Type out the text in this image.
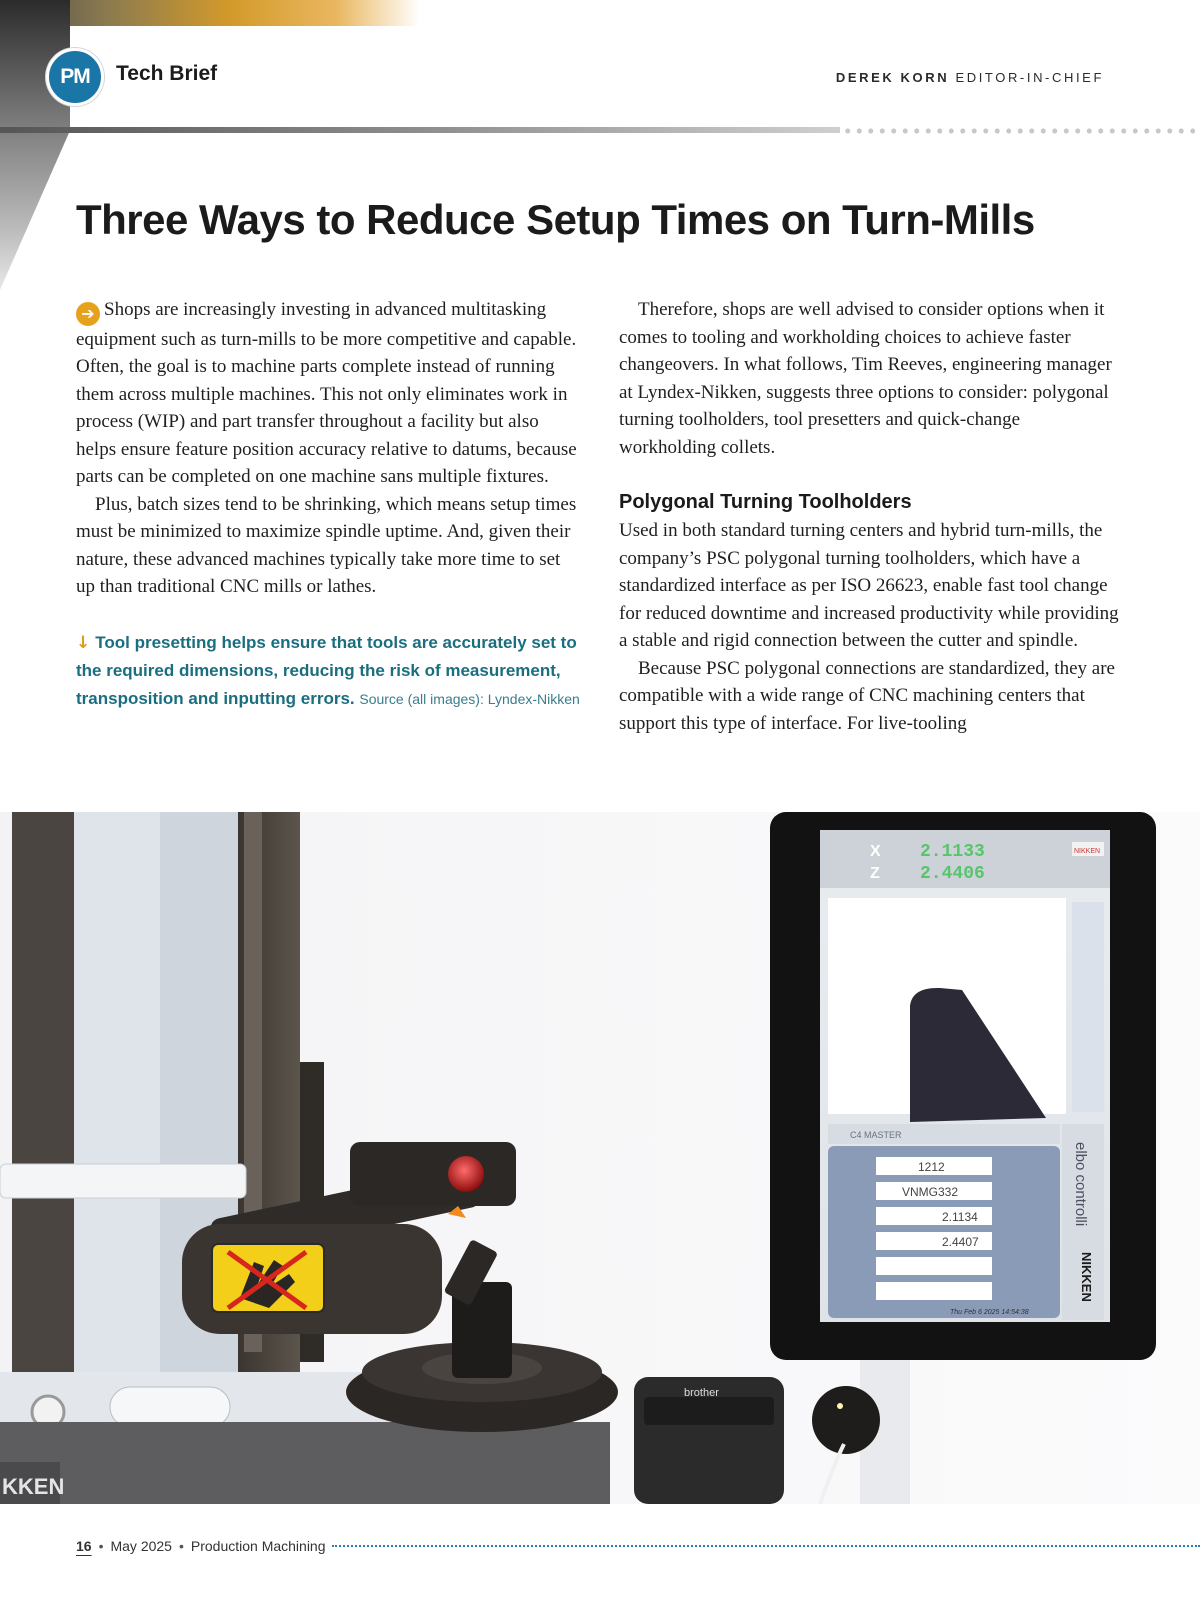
PM	Tech Brief	DEREK KORN EDITOR-IN-CHIEF
Three Ways to Reduce Setup Times on Turn-Mills

➔ Shops are increasingly investing in advanced multitasking equipment such as turn-mills to be more competitive and capable. Often, the goal is to machine parts complete instead of running them across multiple machines. This not only eliminates work in process (WIP) and part transfer throughout a facility but also helps ensure feature position accuracy relative to datums, because parts can be completed on one machine sans multiple fixtures.

Plus, batch sizes tend to be shrinking, which means setup times must be minimized to maximize spindle uptime. And, given their nature, these advanced machines typically take more time to set up than traditional CNC mills or lathes.

↓ Tool presetting helps ensure that tools are accurately set to the required dimensions, reducing the risk of measurement, transposition and inputting errors. Source (all images): Lyndex-Nikken

Therefore, shops are well advised to consider options when it comes to tooling and workholding choices to achieve faster changeovers. In what follows, Tim Reeves, engineering manager at Lyndex-Nikken, suggests three options to consider: polygonal turning toolholders, tool presetters and quick-change workholding collets.

Polygonal Turning Toolholders

Used in both standard turning centers and hybrid turn-mills, the company’s PSC polygonal turning toolholders, which have a standardized interface as per ISO 26623, enable fast tool change for reduced downtime and increased productivity while providing a stable and rigid connection between the cutter and spindle.

Because PSC polygonal connections are standardized, they are compatible with a wide range of CNC machining centers that support this type of interface. For live-tooling

KKEN
brother
X
Z
2.1133
2.4406
NIKKEN
C4 MASTER
1212
VNMG332
2.1134
2.4407
Thu Feb 6 2025 14:54:38
elbo controlli
NIKKEN
16 • May 2025 • Production Machining
